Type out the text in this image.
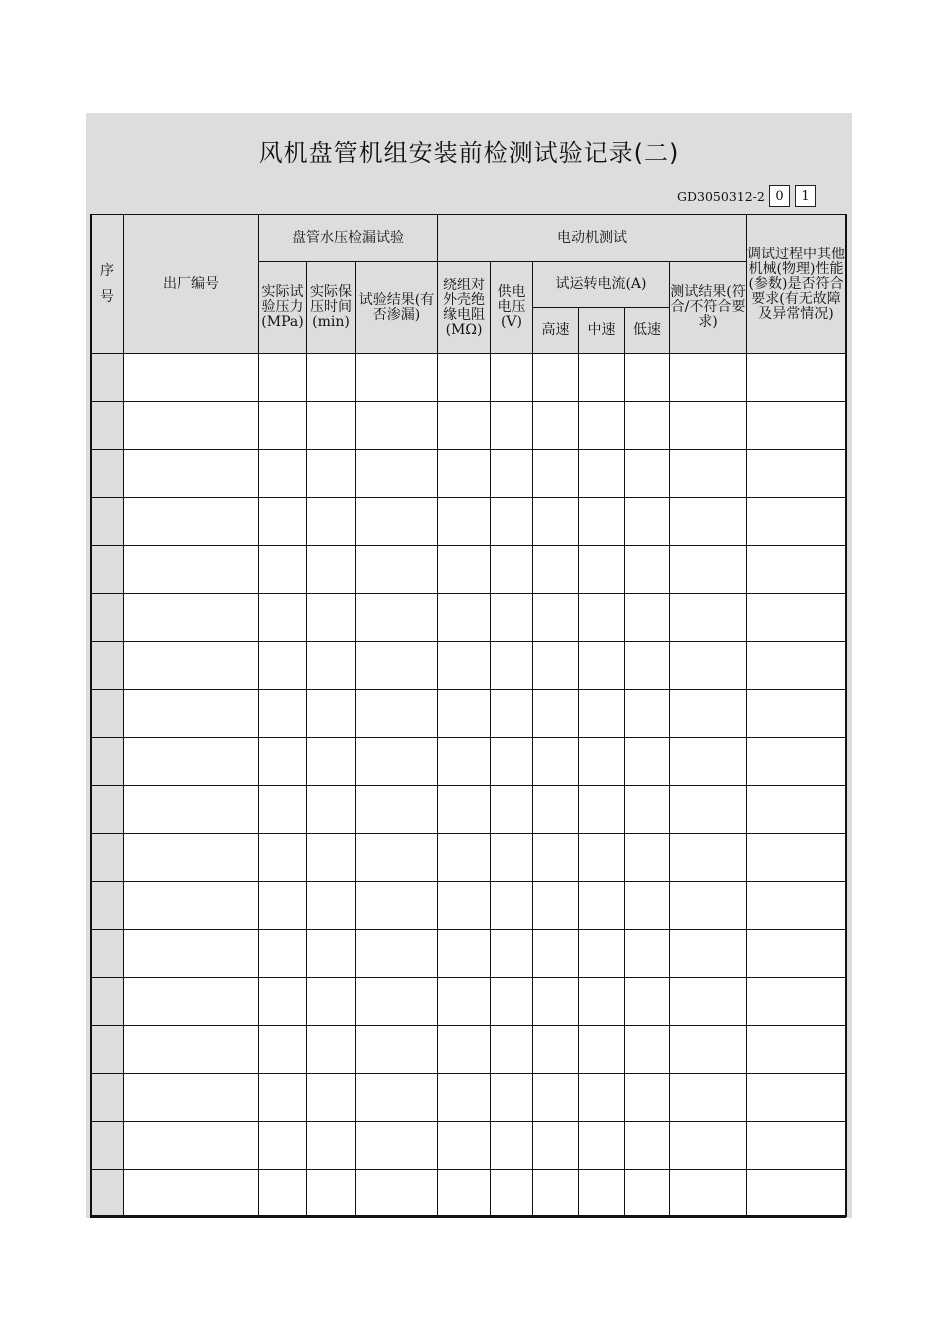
风机盘管机组安装前检测试验记录(二)
GD3050312-2 0	1
序号	出厂编号	盘管水压检漏试验			电动机测试						调试过程中其他机械(物理)性能(参数)是否符合要求(有无故障及异常情况)

		实际试验压力(MPa)	实际保压时间(min)	试验结果(有否渗漏)	绕组对外壳绝缘电阻(MΩ)	供电电压(V)	试运转电流(A)			测试结果(符合/不符合要求)	
							高速	中速	低速		
